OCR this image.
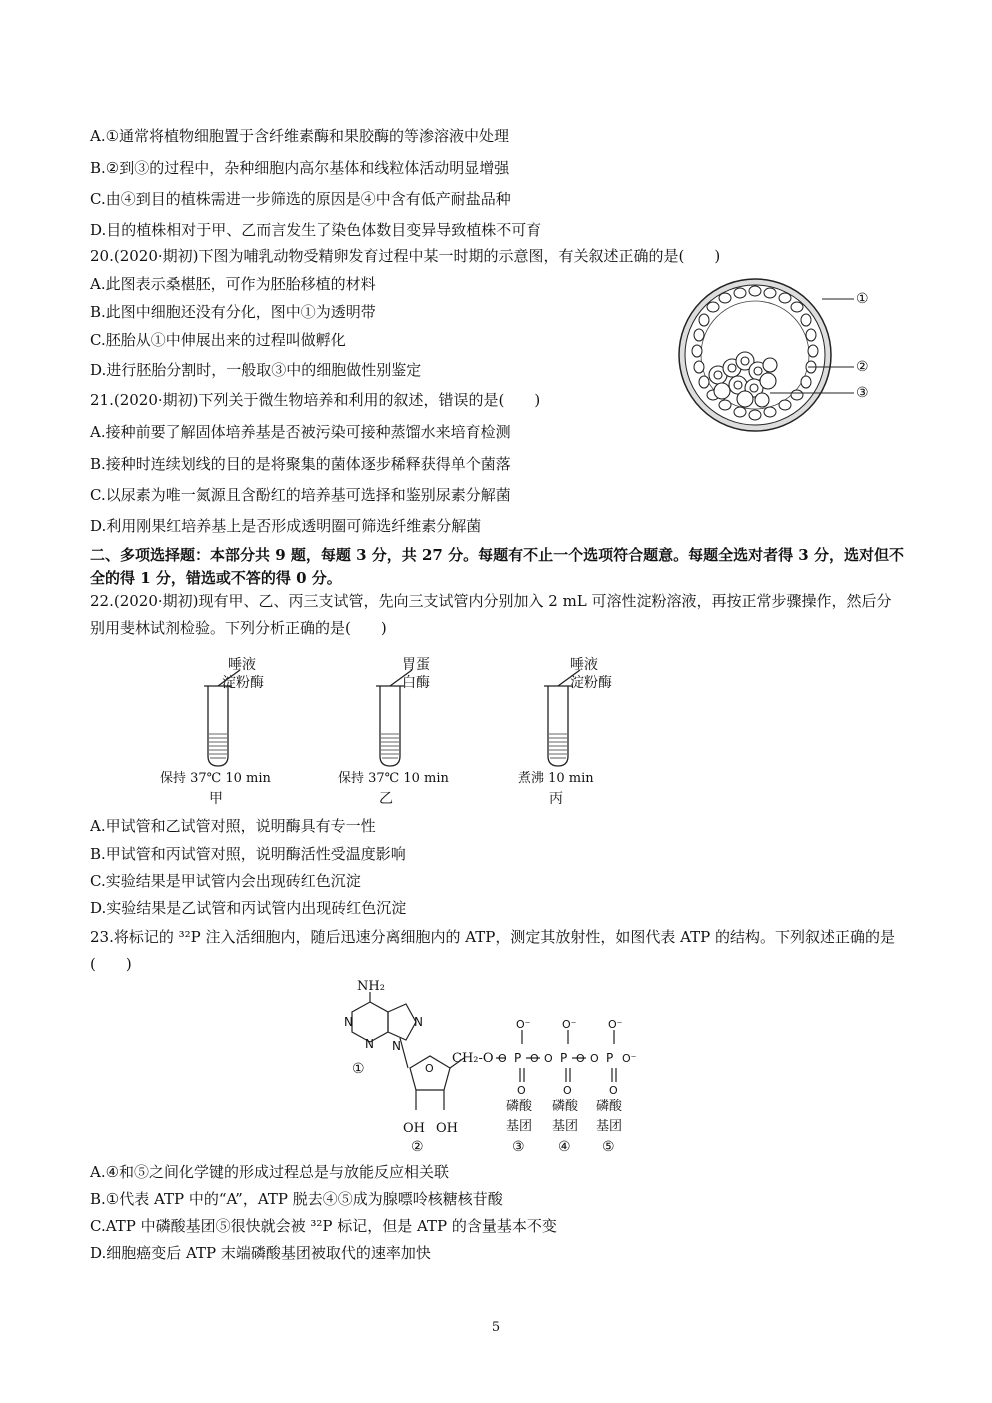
A.①通常将植物细胞置于含纤维素酶和果胶酶的等渗溶液中处理
B.②到③的过程中，杂种细胞内高尔基体和线粒体活动明显增强
C.由④到目的植株需进一步筛选的原因是④中含有低产耐盐品种
D.目的植株相对于甲、乙而言发生了染色体数目变异导致植株不可育
20.(2020·期初)下图为哺乳动物受精卵发育过程中某一时期的示意图，有关叙述正确的是(　　)
A.此图表示桑椹胚，可作为胚胎移植的材料
B.此图中细胞还没有分化，图中①为透明带
C.胚胎从①中伸展出来的过程叫做孵化
D.进行胚胎分割时，一般取③中的细胞做性别鉴定
①
②
③
21.(2020·期初)下列关于微生物培养和利用的叙述，错误的是(　　)
A.接种前要了解固体培养基是否被污染可接种蒸馏水来培育检测
B.接种时连续划线的目的是将聚集的菌体逐步稀释获得单个菌落
C.以尿素为唯一氮源且含酚红的培养基可选择和鉴别尿素分解菌
D.利用刚果红培养基上是否形成透明圈可筛选纤维素分解菌
二、多项选择题：本部分共 9 题，每题 3 分，共 27 分。每题有不止一个选项符合题意。每题全选对者得 3 分，选对但不全的得 1 分，错选或不答的得 0 分。
22.(2020·期初)现有甲、乙、丙三支试管，先向三支试管内分别加入 2 mL 可溶性淀粉溶液，再按正常步骤操作，然后分别用斐林试剂检验。下列分析正确的是(　　)
唾液
淀粉酶
保持 37℃ 10 min
甲
胃蛋
白酶
保持 37℃ 10 min
乙
唾液
淀粉酶
煮沸 10 min
丙
A.甲试管和乙试管对照，说明酶具有专一性
B.甲试管和丙试管对照，说明酶活性受温度影响
C.实验结果是甲试管内会出现砖红色沉淀
D.实验结果是乙试管和丙试管内出现砖红色沉淀
23.将标记的 ³²P 注入活细胞内，随后迅速分离细胞内的 ATP，测定其放射性，如图代表 ATP 的结构。下列叙述正确的是(　　)
N
N
N
N
O
P	P	P
O O O O O O⁻
O⁻	O⁻	O⁻
O	O	O
NH₂
CH₂-O
OH OH
①
②
磷酸
基团
③
磷酸
基团
④
磷酸
基团
⑤
A.④和⑤之间化学键的形成过程总是与放能反应相关联
B.①代表 ATP 中的“A”，ATP 脱去④⑤成为腺嘌呤核糖核苷酸
C.ATP 中磷酸基团⑤很快就会被 ³²P 标记，但是 ATP 的含量基本不变
D.细胞癌变后 ATP 末端磷酸基团被取代的速率加快
5
